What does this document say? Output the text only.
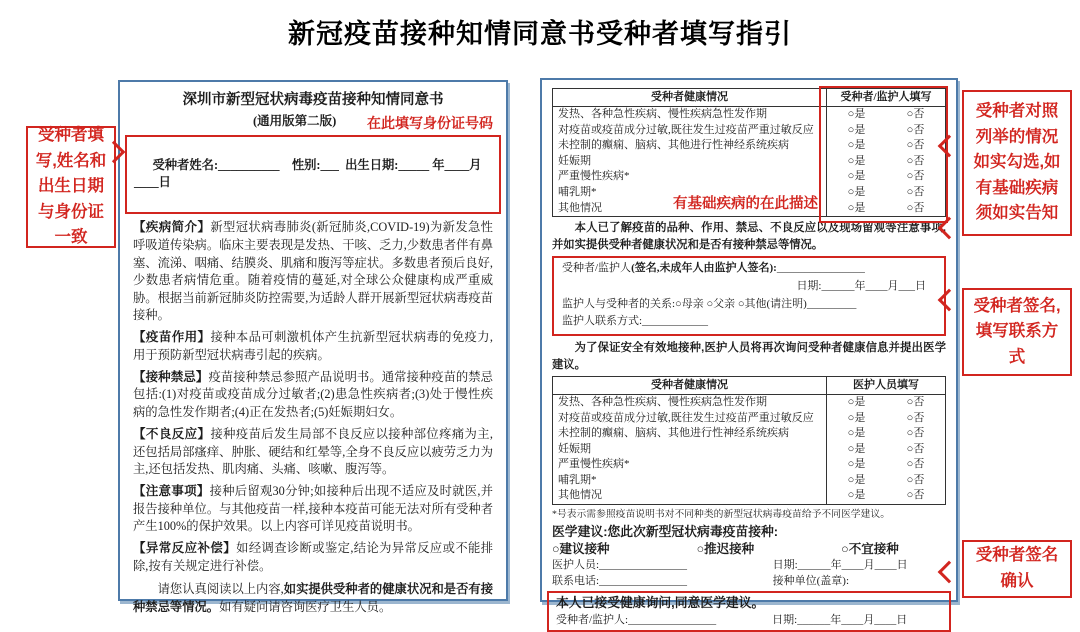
新冠疫苗接种知情同意书受种者填写指引
深圳市新型冠状病毒疫苗接种知情同意书
(通用版第二版) 在此填写身份证号码

受种者姓名:__________    性别:___  出生日期:_____ 年____月____日

【疾病简介】新型冠状病毒肺炎(新冠肺炎,COVID-19)为新发急性呼吸道传染病。临床主要表现是发热、干咳、乏力,少数患者伴有鼻塞、流涕、咽痛、结膜炎、肌痛和腹泻等症状。多数患者预后良好,少数患者病情危重。随着疫情的蔓延,对全球公众健康构成严重威胁。根据当前新冠肺炎防控需要,为适龄人群开展新型冠状病毒疫苗接种。

【疫苗作用】接种本品可刺激机体产生抗新型冠状病毒的免疫力,用于预防新型冠状病毒引起的疾病。

【接种禁忌】疫苗接种禁忌参照产品说明书。通常接种疫苗的禁忌包括:(1)对疫苗或疫苗成分过敏者;(2)患急性疾病者;(3)处于慢性疾病的急性发作期者;(4)正在发热者;(5)妊娠期妇女。

【不良反应】接种疫苗后发生局部不良反应以接种部位疼痛为主,还包括局部瘙痒、肿胀、硬结和红晕等,全身不良反应以疲劳乏力为主,还包括发热、肌肉痛、头痛、咳嗽、腹泻等。

【注意事项】接种后留观30分钟;如接种后出现不适应及时就医,并报告接种单位。与其他疫苗一样,接种本疫苗可能无法对所有受种者产生100%的保护效果。以上内容可详见疫苗说明书。

【异常反应补偿】如经调查诊断或鉴定,结论为异常反应或不能排除,按有关规定进行补偿。

请您认真阅读以上内容,如实提供受种者的健康状况和是否有接种禁忌等情况。如有疑问请咨询医疗卫生人员。

受种者健康情况	受种者/监护人填写
发热、各种急性疾病、慢性疾病急性发作期	○是	○否
对疫苗或疫苗成分过敏,既往发生过疫苗严重过敏反应	○是	○否
未控制的癫痫、脑病、其他进行性神经系统疾病	○是	○否
妊娠期	○是	○否
严重慢性疾病*	○是	○否
哺乳期*	○是	○否
其他情况	○是	○否
有基础疾病的在此描述

本人已了解疫苗的品种、作用、禁忌、不良反应以及现场留观等注意事项,并如实提供受种者健康状况和是否有接种禁忌等情况。

受种者/监护人(签名,未成年人由监护人签名):________________
日期:______年____月___日
监护人与受种者的关系:○母亲 ○父亲 ○其他(请注明)_________
监护人联系方式:____________

为了保证安全有效地接种,医护人员将再次询问受种者健康信息并提出医学建议。

受种者健康情况	医护人员填写
发热、各种急性疾病、慢性疾病急性发作期	○是	○否
对疫苗或疫苗成分过敏,既往发生过疫苗严重过敏反应	○是	○否
未控制的癫痫、脑病、其他进行性神经系统疾病	○是	○否
妊娠期	○是	○否
严重慢性疾病*	○是	○否
哺乳期*	○是	○否
其他情况	○是	○否
*号表示需参照疫苗说明书对不同种类的新型冠状病毒疫苗给予不同医学建议。
医学建议:您此次新型冠状病毒疫苗接种:
○建议接种	○推迟接种	○不宜接种
医护人员:________________	日期:______年____月____日
联系电话:________________	接种单位(盖章):
本人已接受健康询问,同意医学建议。
受种者/监护人:________________	日期:______年____月____日
受种者填写,姓名和出生日期与身份证一致
受种者对照列举的情况如实勾选,如有基础疾病须如实告知
受种者签名,填写联系方式
受种者签名确认
